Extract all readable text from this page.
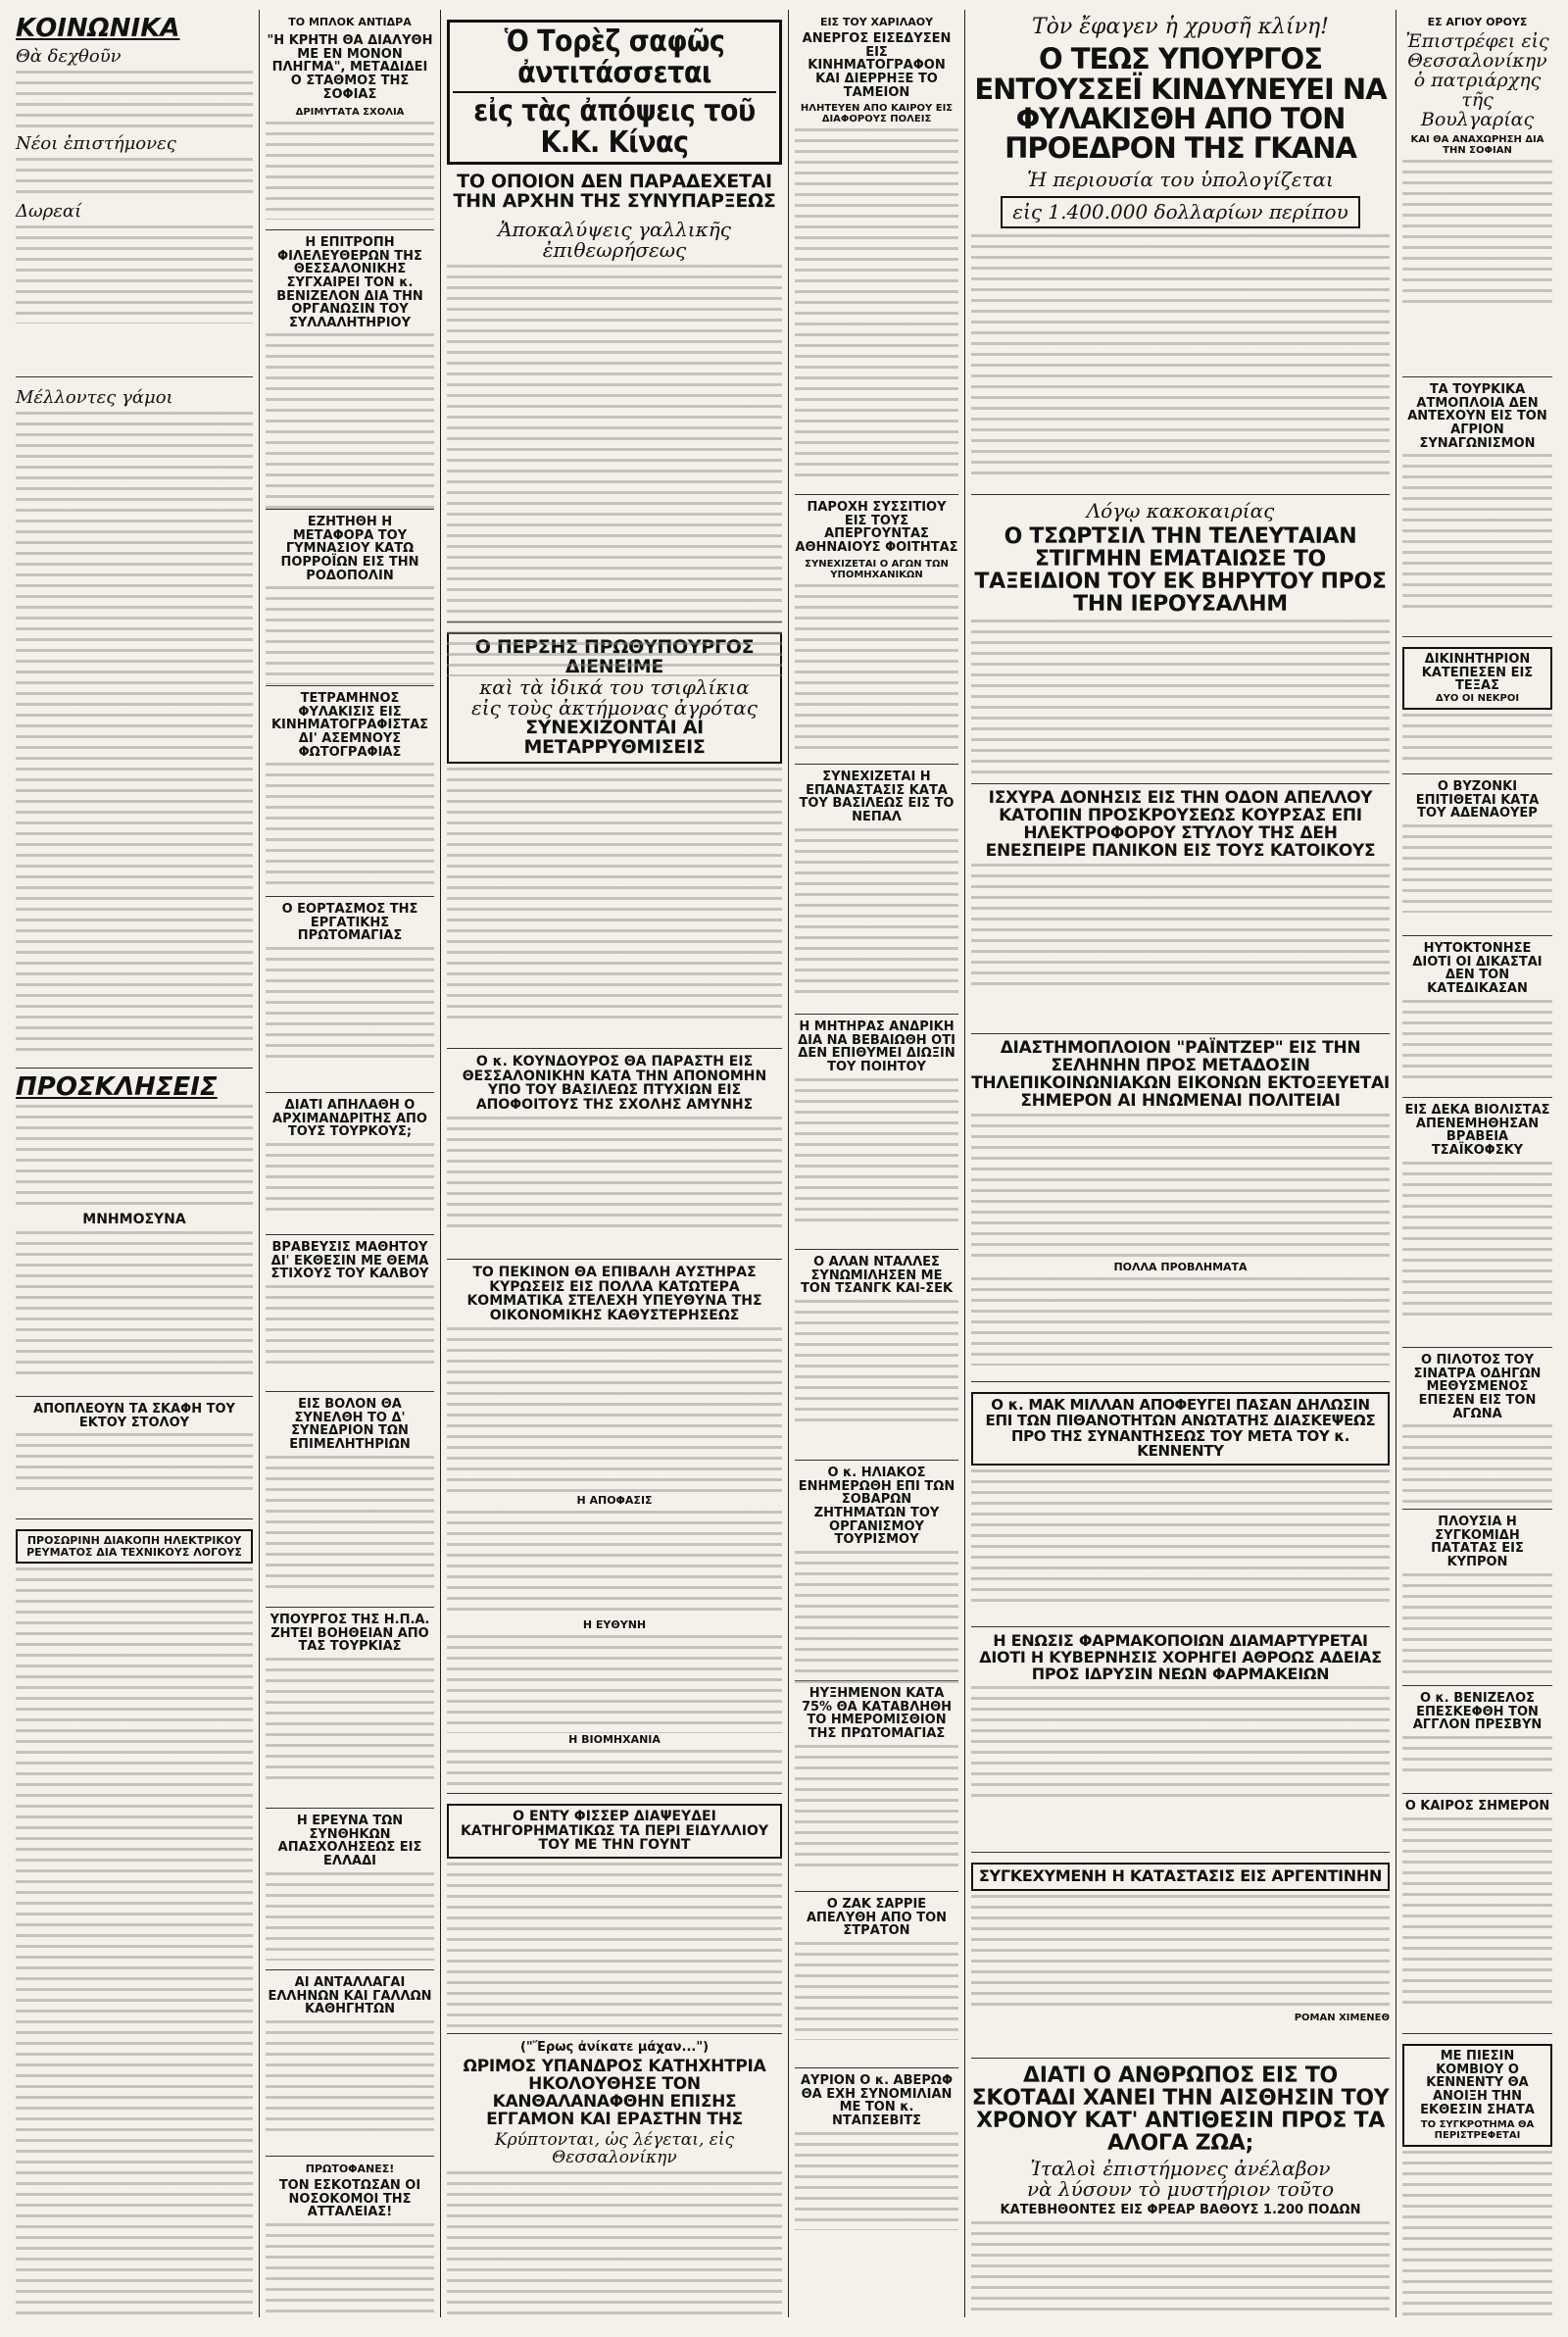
ΚΟΙΝΩΝΙΚΑ
Θὰ δεχθοῦν
Νέοι ἐπιστήμονες
Δωρεαί
Μέλλοντες γάμοι
ΠΡΟΣΚΛΗΣΕΙΣ
ΜΝΗΜΟΣΥΝΑ
ΑΠΟΠΛΕΟΥΝ ΤΑ ΣΚΑΦΗ ΤΟΥ ΕΚΤΟΥ ΣΤΟΛΟΥ
ΠΡΟΣΩΡΙΝΗ ΔΙΑΚΟΠΗ ΗΛΕΚΤΡΙΚΟΥ ΡΕΥΜΑΤΟΣ ΔΙΑ ΤΕΧΝΙΚΟΥΣ ΛΟΓΟΥΣ
ΤΟ ΜΠΛΟΚ ΑΝΤΙΔΡΑ
"Η ΚΡΗΤΗ ΘΑ ΔΙΑΛΥΘΗ ΜΕ ΕΝ ΜΟΝΟΝ ΠΛΗΓΜΑ", ΜΕΤΑΔΙΔΕΙ Ο ΣΤΑΘΜΟΣ ΤΗΣ ΣΟΦΙΑΣ
ΔΡΙΜΥΤΑΤΑ ΣΧΟΛΙΑ
Η ΕΠΙΤΡΟΠΗ ΦΙΛΕΛΕΥΘΕΡΩΝ ΤΗΣ ΘΕΣΣΑΛΟΝΙΚΗΣ ΣΥΓΧΑΙΡΕΙ ΤΟΝ κ. ΒΕΝΙΖΕΛΟΝ ΔΙΑ ΤΗΝ ΟΡΓΑΝΩΣΙΝ ΤΟΥ ΣΥΛΛΑΛΗΤΗΡΙΟΥ
ΕΖΗΤΗΘΗ Η ΜΕΤΑΦΟΡΑ ΤΟΥ ΓΥΜΝΑΣΙΟΥ ΚΑΤΩ ΠΟΡΡΟΪΩΝ ΕΙΣ ΤΗΝ ΡΟΔΟΠΟΛΙΝ
ΤΕΤΡΑΜΗΝΟΣ ΦΥΛΑΚΙΣΙΣ ΕΙΣ ΚΙΝΗΜΑΤΟΓΡΑΦΙΣΤΑΣ ΔΙ' ΑΣΕΜΝΟΥΣ ΦΩΤΟΓΡΑΦΙΑΣ
Ο ΕΟΡΤΑΣΜΟΣ ΤΗΣ ΕΡΓΑΤΙΚΗΣ ΠΡΩΤΟΜΑΓΙΑΣ
ΔΙΑΤΙ ΑΠΗΛΑΘΗ Ο ΑΡΧΙΜΑΝΔΡΙΤΗΣ ΑΠΟ ΤΟΥΣ ΤΟΥΡΚΟΥΣ;
ΒΡΑΒΕΥΣΙΣ ΜΑΘΗΤΟΥ ΔΙ' ΕΚΘΕΣΙΝ ΜΕ ΘΕΜΑ ΣΤΙΧΟΥΣ ΤΟΥ ΚΑΛΒΟΥ
ΕΙΣ ΒΟΛΟΝ ΘΑ ΣΥΝΕΛΘΗ ΤΟ Δ' ΣΥΝΕΔΡΙΟΝ ΤΩΝ ΕΠΙΜΕΛΗΤΗΡΙΩΝ
ΥΠΟΥΡΓΟΣ ΤΗΣ Η.Π.Α. ΖΗΤΕΙ ΒΟΗΘΕΙΑΝ ΑΠΟ ΤΑΣ ΤΟΥΡΚΙΑΣ
Η ΕΡΕΥΝΑ ΤΩΝ ΣΥΝΘΗΚΩΝ ΑΠΑΣΧΟΛΗΣΕΩΣ ΕΙΣ ΕΛΛΑΔΙ
ΑΙ ΑΝΤΑΛΛΑΓΑΙ ΕΛΛΗΝΩΝ ΚΑΙ ΓΑΛΛΩΝ ΚΑΘΗΓΗΤΩΝ
ΠΡΩΤΟΦΑΝΕΣ!
ΤΟΝ ΕΣΚΟΤΩΣΑΝ ΟΙ ΝΟΣΟΚΟΜΟΙ ΤΗΣ ΑΤΤΑΛΕΙΑΣ!
Ὁ Τορὲζ σαφῶς ἀντιτάσσεται
εἰς τὰς ἀπόψεις τοῦ Κ.Κ. Κίνας
ΤΟ ΟΠΟΙΟΝ ΔΕΝ ΠΑΡΑΔΕΧΕΤΑΙ ΤΗΝ ΑΡΧΗΝ ΤΗΣ ΣΥΝΥΠΑΡΞΕΩΣ
Ἀποκαλύψεις γαλλικῆς ἐπιθεωρήσεως
Ο ΠΕΡΣΗΣ ΠΡΩΘΥΠΟΥΡΓΟΣ ΔΙΕΝΕΙΜΕ
καὶ τὰ ἰδικά του τσιφλίκια
εἰς τοὺς ἀκτήμονας ἀγρότας
ΣΥΝΕΧΙΖΟΝΤΑΙ ΑΙ ΜΕΤΑΡΡΥΘΜΙΣΕΙΣ
Ο κ. ΚΟΥΝΔΟΥΡΟΣ ΘΑ ΠΑΡΑΣΤΗ ΕΙΣ ΘΕΣΣΑΛΟΝΙΚΗΝ ΚΑΤΑ ΤΗΝ ΑΠΟΝΟΜΗΝ ΥΠΟ ΤΟΥ ΒΑΣΙΛΕΩΣ ΠΤΥΧΙΩΝ ΕΙΣ ΑΠΟΦΟΙΤΟΥΣ ΤΗΣ ΣΧΟΛΗΣ ΑΜΥΝΗΣ
ΤΟ ΠΕΚΙΝΟΝ ΘΑ ΕΠΙΒΑΛΗ ΑΥΣΤΗΡΑΣ ΚΥΡΩΣΕΙΣ ΕΙΣ ΠΟΛΛΑ ΚΑΤΩΤΕΡΑ ΚΟΜΜΑΤΙΚΑ ΣΤΕΛΕΧΗ ΥΠΕΥΘΥΝΑ ΤΗΣ ΟΙΚΟΝΟΜΙΚΗΣ ΚΑΘΥΣΤΕΡΗΣΕΩΣ
Η ΑΠΟΦΑΣΙΣ
Η ΕΥΘΥΝΗ
Η ΒΙΟΜΗΧΑΝΙΑ
Ο ΕΝΤΥ ΦΙΣΣΕΡ ΔΙΑΨΕΥΔΕΙ ΚΑΤΗΓΟΡΗΜΑΤΙΚΩΣ ΤΑ ΠΕΡΙ ΕΙΔΥΛΛΙΟΥ ΤΟΥ ΜΕ ΤΗΝ ΓΟΥΝΤ
("Ἔρως ἀνίκατε μάχαν...")
ΩΡΙΜΟΣ ΥΠΑΝΔΡΟΣ ΚΑΤΗΧΗΤΡΙΑ ΗΚΟΛΟΥΘΗΣΕ ΤΟΝ ΚΑΝΘΑΛΑΝΑΦΘΗΝ ΕΠΙΣΗΣ ΕΓΓΑΜΟΝ ΚΑΙ ΕΡΑΣΤΗΝ ΤΗΣ
Κρύπτονται, ὡς λέγεται, εἰς Θεσσαλονίκην
ΕΙΣ ΤΟΥ ΧΑΡΙΛΑΟΥ
ΑΝΕΡΓΟΣ ΕΙΣΕΔΥΣΕΝ ΕΙΣ ΚΙΝΗΜΑΤΟΓΡΑΦΟΝ ΚΑΙ ΔΙΕΡΡΗΞΕ ΤΟ ΤΑΜΕΙΟΝ
ΗΛΗΤΕΥΕΝ ΑΠΟ ΚΑΙΡΟΥ ΕΙΣ ΔΙΑΦΟΡΟΥΣ ΠΟΛΕΙΣ
ΠΑΡΟΧΗ ΣΥΣΣΙΤΙΟΥ ΕΙΣ ΤΟΥΣ ΑΠΕΡΓΟΥΝΤΑΣ ΑΘΗΝΑΙΟΥΣ ΦΟΙΤΗΤΑΣ
ΣΥΝΕΧΙΖΕΤΑΙ Ο ΑΓΩΝ ΤΩΝ ΥΠΟΜΗΧΑΝΙΚΩΝ
ΣΥΝΕΧΙΖΕΤΑΙ Η ΕΠΑΝΑΣΤΑΣΙΣ ΚΑΤΑ ΤΟΥ ΒΑΣΙΛΕΩΣ ΕΙΣ ΤΟ ΝΕΠΑΛ
Η ΜΗΤΗΡΑΣ ΑΝΔΡΙΚΗ ΔΙΑ ΝΑ ΒΕΒΑΙΩΘΗ ΟΤΙ ΔΕΝ ΕΠΙΘΥΜΕΙ ΔΙΩΞΙΝ ΤΟΥ ΠΟΙΗΤΟΥ
Ο ΑΛΑΝ ΝΤΑΛΛΕΣ ΣΥΝΩΜΙΛΗΣΕΝ ΜΕ ΤΟΝ ΤΣΑΝΓΚ ΚΑΙ-ΣΕΚ
Ο κ. ΗΛΙΑΚΟΣ ΕΝΗΜΕΡΩΘΗ ΕΠΙ ΤΩΝ ΣΟΒΑΡΩΝ ΖΗΤΗΜΑΤΩΝ ΤΟΥ ΟΡΓΑΝΙΣΜΟΥ ΤΟΥΡΙΣΜΟΥ
ΗΥΞΗΜΕΝΟΝ ΚΑΤΑ 75% ΘΑ ΚΑΤΑΒΛΗΘΗ ΤΟ ΗΜΕΡΟΜΙΣΘΙΟΝ ΤΗΣ ΠΡΩΤΟΜΑΓΙΑΣ
Ο ΖΑΚ ΣΑΡΡΙΕ ΑΠΕΛΥΘΗ ΑΠΟ ΤΟΝ ΣΤΡΑΤΟΝ
ΑΥΡΙΟΝ Ο κ. ΑΒΕΡΩΦ ΘΑ ΕΧΗ ΣΥΝΟΜΙΛΙΑΝ ΜΕ ΤΟΝ κ. ΝΤΑΠΣΕΒΙΤΣ
Τὸν ἔφαγεν ἡ χρυσῆ κλίνη!
Ο ΤΕΩΣ ΥΠΟΥΡΓΟΣ ΕΝΤΟΥΣΣΕΪ ΚΙΝΔΥΝΕΥΕΙ ΝΑ ΦΥΛΑΚΙΣΘΗ ΑΠΟ ΤΟΝ ΠΡΟΕΔΡΟΝ ΤΗΣ ΓΚΑΝΑ
Ἡ περιουσία του ὑπολογίζεται
εἰς 1.400.000 δολλαρίων περίπου
Λόγῳ κακοκαιρίας
Ο ΤΣΩΡΤΣΙΛ ΤΗΝ ΤΕΛΕΥΤΑΙΑΝ ΣΤΙΓΜΗΝ ΕΜΑΤΑΙΩΣΕ ΤΟ ΤΑΞΕΙΔΙΟΝ ΤΟΥ ΕΚ ΒΗΡΥΤΟΥ ΠΡΟΣ ΤΗΝ ΙΕΡΟΥΣΑΛΗΜ
ΙΣΧΥΡΑ ΔΟΝΗΣΙΣ ΕΙΣ ΤΗΝ ΟΔΟΝ ΑΠΕΛΛΟΥ ΚΑΤΟΠΙΝ ΠΡΟΣΚΡΟΥΣΕΩΣ ΚΟΥΡΣΑΣ ΕΠΙ ΗΛΕΚΤΡΟΦΟΡΟΥ ΣΤΥΛΟΥ ΤΗΣ ΔΕΗ ΕΝΕΣΠΕΙΡΕ ΠΑΝΙΚΟΝ ΕΙΣ ΤΟΥΣ ΚΑΤΟΙΚΟΥΣ
ΔΙΑΣΤΗΜΟΠΛΟΙΟΝ "ΡΑΪΝΤΖΕΡ" ΕΙΣ ΤΗΝ ΣΕΛΗΝΗΝ ΠΡΟΣ ΜΕΤΑΔΟΣΙΝ ΤΗΛΕΠΙΚΟΙΝΩΝΙΑΚΩΝ ΕΙΚΟΝΩΝ ΕΚΤΟΞΕΥΕΤΑΙ ΣΗΜΕΡΟΝ ΑΙ ΗΝΩΜΕΝΑΙ ΠΟΛΙΤΕΙΑΙ
ΠΟΛΛΑ ΠΡΟΒΛΗΜΑΤΑ
Ο κ. ΜΑΚ ΜΙΛΛΑΝ ΑΠΟΦΕΥΓΕΙ ΠΑΣΑΝ ΔΗΛΩΣΙΝ ΕΠΙ ΤΩΝ ΠΙΘΑΝΟΤΗΤΩΝ ΑΝΩΤΑΤΗΣ ΔΙΑΣΚΕΨΕΩΣ ΠΡΟ ΤΗΣ ΣΥΝΑΝΤΗΣΕΩΣ ΤΟΥ ΜΕΤΑ ΤΟΥ κ. ΚΕΝΝΕΝΤΥ
Η ΕΝΩΣΙΣ ΦΑΡΜΑΚΟΠΟΙΩΝ ΔΙΑΜΑΡΤΥΡΕΤΑΙ ΔΙΟΤΙ Η ΚΥΒΕΡΝΗΣΙΣ ΧΟΡΗΓΕΙ ΑΘΡΟΩΣ ΑΔΕΙΑΣ ΠΡΟΣ ΙΔΡΥΣΙΝ ΝΕΩΝ ΦΑΡΜΑΚΕΙΩΝ
ΣΥΓΚΕΧΥΜΕΝΗ Η ΚΑΤΑΣΤΑΣΙΣ ΕΙΣ ΑΡΓΕΝΤΙΝΗΝ
ΡΟΜΑΝ ΧΙΜΕΝΕΘ
ΔΙΑΤΙ Ο ΑΝΘΡΩΠΟΣ ΕΙΣ ΤΟ ΣΚΟΤΑΔΙ ΧΑΝΕΙ ΤΗΝ ΑΙΣΘΗΣΙΝ ΤΟΥ ΧΡΟΝΟΥ ΚΑΤ' ΑΝΤΙΘΕΣΙΝ ΠΡΟΣ ΤΑ ΑΛΟΓΑ ΖΩΑ;
Ἰταλοὶ ἐπιστήμονες ἀνέλαβον
νὰ λύσουν τὸ μυστήριον τοῦτο
ΚΑΤΕΒΗΘΟΝΤΕΣ ΕΙΣ ΦΡΕΑΡ ΒΑΘΟΥΣ 1.200 ΠΟΔΩΝ
ΕΣ ΑΓΙΟΥ ΟΡΟΥΣ
Ἐπιστρέφει εἰς Θεσσαλονίκην ὁ πατριάρχης τῆς Βουλγαρίας
ΚΑΙ ΘΑ ΑΝΑΧΩΡΗΣΗ ΔΙΑ ΤΗΝ ΣΟΦΙΑΝ
ΤΑ ΤΟΥΡΚΙΚΑ ΑΤΜΟΠΛΟΙΑ ΔΕΝ ΑΝΤΕΧΟΥΝ ΕΙΣ ΤΟΝ ΑΓΡΙΟΝ ΣΥΝΑΓΩΝΙΣΜΟΝ
ΔΙΚΙΝΗΤΗΡΙΟΝ ΚΑΤΕΠΕΣΕΝ ΕΙΣ ΤΕΞΑΣ
ΔΥΟ ΟΙ ΝΕΚΡΟΙ
Ο ΒΥΖΟΝΚΙ ΕΠΙΤΙΘΕΤΑΙ ΚΑΤΑ ΤΟΥ ΑΔΕΝΑΟΥΕΡ
ΗΥΤΟΚΤΟΝΗΣΕ ΔΙΟΤΙ ΟΙ ΔΙΚΑΣΤΑΙ ΔΕΝ ΤΟΝ ΚΑΤΕΔΙΚΑΣΑΝ
ΕΙΣ ΔΕΚΑ ΒΙΟΛΙΣΤΑΣ ΑΠΕΝΕΜΗΘΗΣΑΝ ΒΡΑΒΕΙΑ ΤΣΑΪΚΟΦΣΚΥ
Ο ΠΙΛΟΤΟΣ ΤΟΥ ΣΙΝΑΤΡΑ ΟΔΗΓΩΝ ΜΕΘΥΣΜΕΝΟΣ ΕΠΕΣΕΝ ΕΙΣ ΤΟΝ ΑΓΩΝΑ
ΠΛΟΥΣΙΑ Η ΣΥΓΚΟΜΙΔΗ ΠΑΤΑΤΑΣ ΕΙΣ ΚΥΠΡΟΝ
Ο κ. ΒΕΝΙΖΕΛΟΣ ΕΠΕΣΚΕΦΘΗ ΤΟΝ ΑΓΓΛΟΝ ΠΡΕΣΒΥΝ
Ο ΚΑΙΡΟΣ ΣΗΜΕΡΟΝ
ΜΕ ΠΙΕΣΙΝ ΚΟΜΒΙΟΥ Ο ΚΕΝΝΕΝΤΥ ΘΑ ΑΝΟΙΞΗ ΤΗΝ ΕΚΘΕΣΙΝ ΣΗΑΤΑ
ΤΟ ΣΥΓΚΡΟΤΗΜΑ ΘΑ ΠΕΡΙΣΤΡΕΦΕΤΑΙ
